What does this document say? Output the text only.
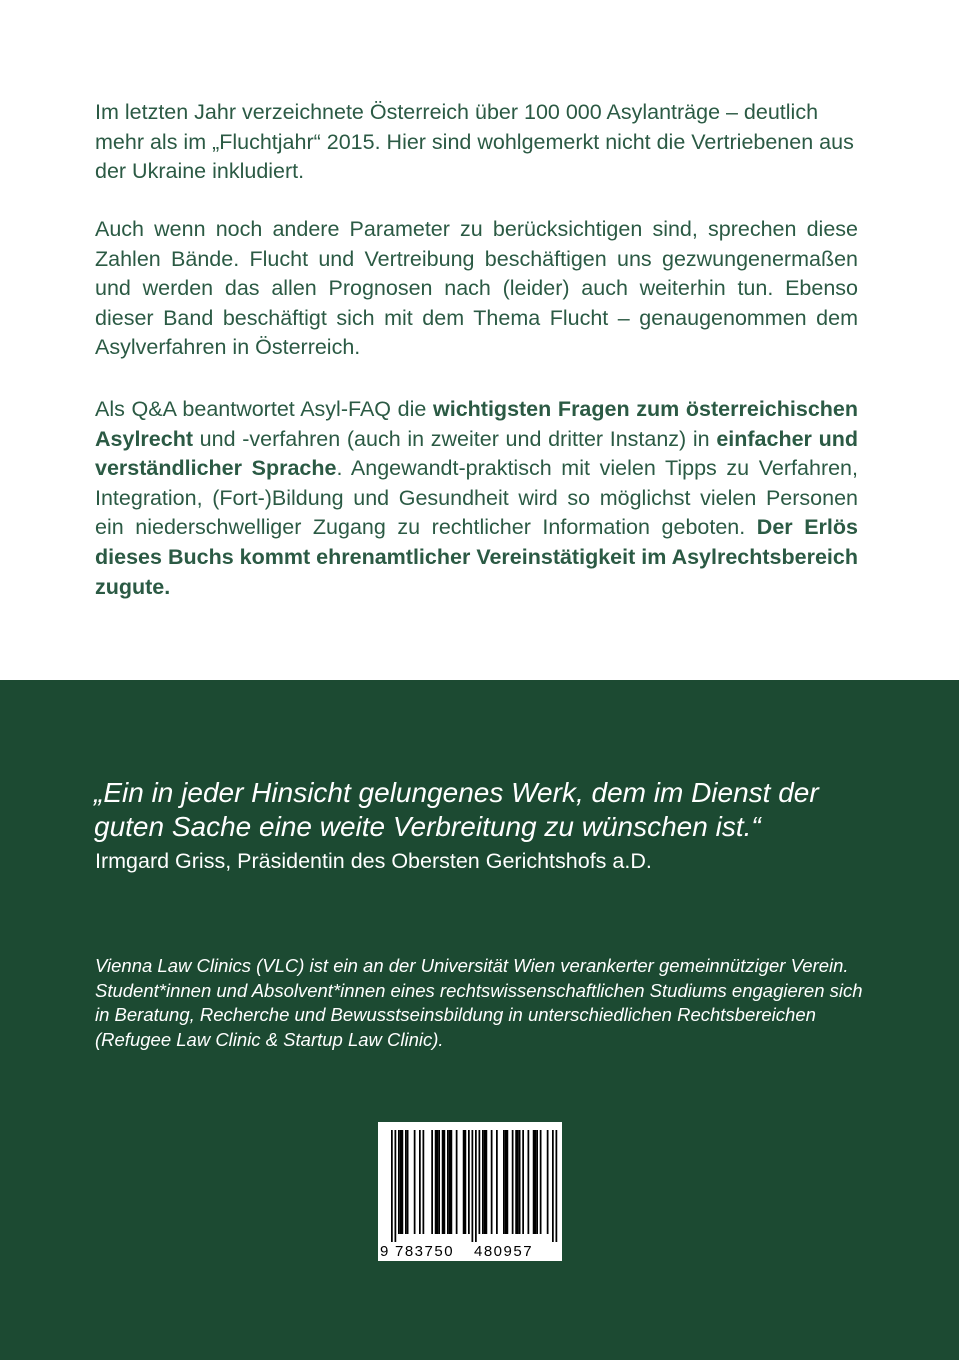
Im letzten Jahr verzeichnete Österreich über 100 000 Asylanträge – deutlich mehr als im „Fluchtjahr“ 2015. Hier sind wohlgemerkt nicht die Vertriebenen aus der Ukraine inkludiert.

Auch wenn noch andere Parameter zu berücksichtigen sind, sprechen diese Zahlen Bände. Flucht und Vertreibung beschäftigen uns gezwungenermaßen und werden das allen Prognosen nach (leider) auch weiterhin tun. Ebenso dieser Band beschäftigt sich mit dem Thema Flucht – genaugenommen dem Asylverfahren in Österreich.

Als Q&A beantwortet Asyl-FAQ die wichtigsten Fragen zum österreichischen Asylrecht und -verfahren (auch in zweiter und dritter Instanz) in einfacher und verständlicher Sprache. Angewandt-praktisch mit vielen Tipps zu Verfahren, Integration, (Fort-)Bildung und Gesundheit wird so möglichst vielen Personen ein niederschwelliger Zugang zu rechtlicher Information geboten. Der Erlös dieses Buchs kommt ehrenamtlicher Vereinstätigkeit im Asylrechtsbereich zugute.

„Ein in jeder Hinsicht gelungenes Werk, dem im Dienst der guten Sache eine weite Verbreitung zu wünschen ist.“

Irmgard Griss, Präsidentin des Obersten Gerichtshofs a.D.

Vienna Law Clinics (VLC) ist ein an der Universität Wien verankerter gemeinnütziger Verein. Student*innen und Absolvent*innen eines rechtswissenschaftlichen Studiums engagieren sich in Beratung, Recherche und Bewusstseinsbildung in unterschiedlichen Rechtsbereichen (Refugee Law Clinic & Startup Law Clinic).

9 783750 480957
